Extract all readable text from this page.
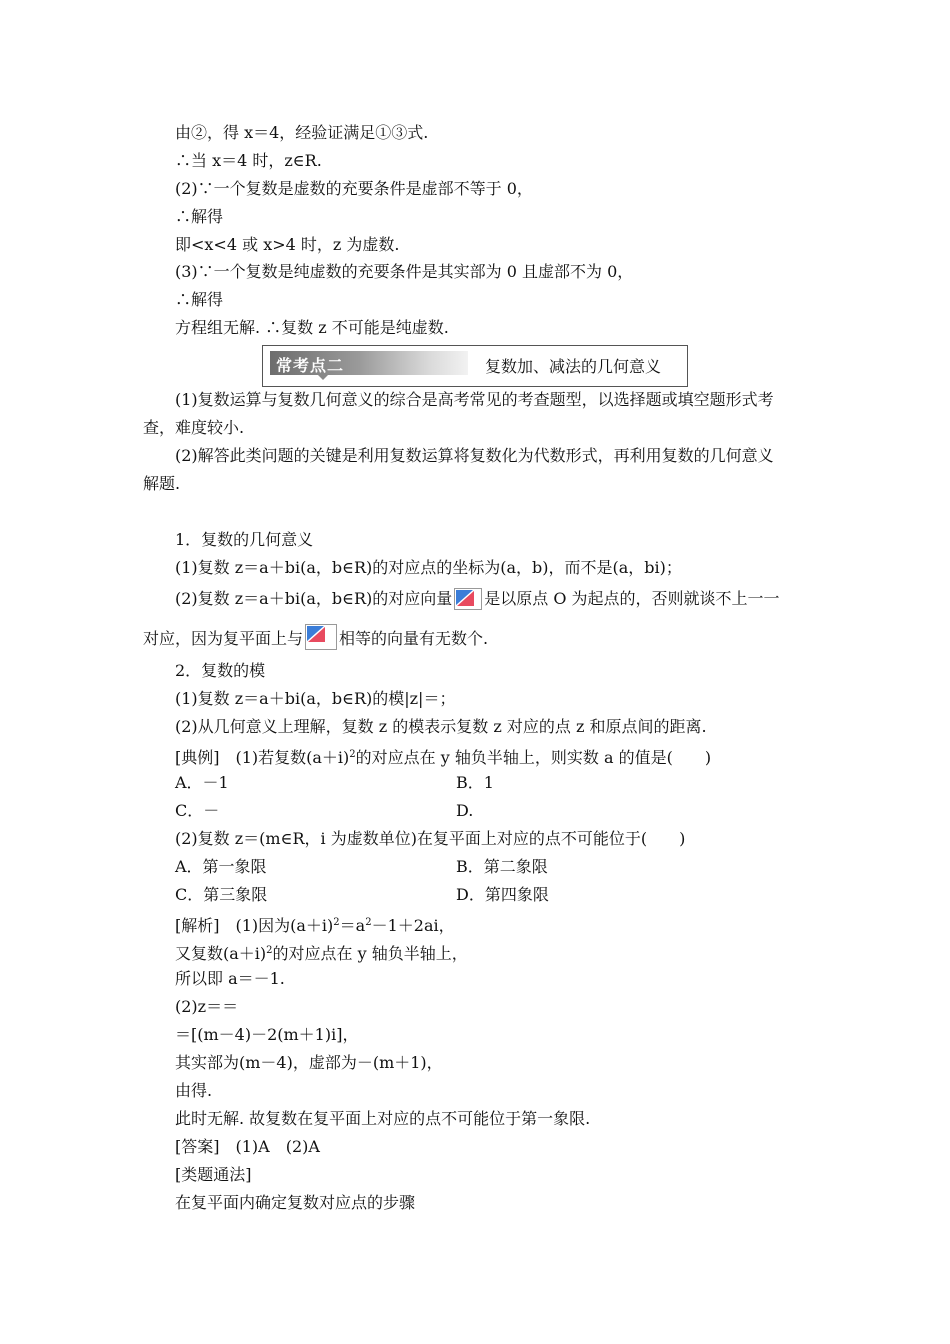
由②，得 x＝4，经验证满足①③式.
∴当 x＝4 时，z∈R.
(2)∵一个复数是虚数的充要条件是虚部不等于 0，
∴解得
即<x<4 或 x>4 时，z 为虚数.
(3)∵一个复数是纯虚数的充要条件是其实部为 0 且虚部不为 0，
∴解得
方程组无解. ∴复数 z 不可能是纯虚数.
常考点二	复数加、减法的几何意义
(1)复数运算与复数几何意义的综合是高考常见的考查题型，以选择题或填空题形式考
查，难度较小.
(2)解答此类问题的关键是利用复数运算将复数化为代数形式，再利用复数的几何意义
解题.
1．复数的几何意义
(1)复数 z＝a＋bi(a，b∈R)的对应点的坐标为(a，b)，而不是(a，bi)；
(2)复数 z＝a＋bi(a，b∈R)的对应向量 是以原点 O 为起点的，否则就谈不上一一
对应，因为复平面上与 相等的向量有无数个.
2．复数的模
(1)复数 z＝a＋bi(a，b∈R)的模|z|＝；
(2)从几何意义上理解，复数 z 的模表示复数 z 对应的点 z 和原点间的距离.
[典例]　(1)若复数$(a+i)^2$的对应点在 y 轴负半轴上，则实数 a 的值是(　　)
A．－1	B．1
C．－	D.
(2)复数 z＝(m∈R，i 为虚数单位)在复平面上对应的点不可能位于(　　)
A．第一象限	B．第二象限
C．第三象限	D．第四象限
[解析]　(1)因为$(a+i)^2=a^2-1+2ai$，
又复数$(a+i)^2$的对应点在 y 轴负半轴上，
所以即 a＝－1.
(2)z＝＝
＝[(m－4)－2(m＋1)i]，
其实部为(m－4)，虚部为－(m＋1)，
由得.
此时无解. 故复数在复平面上对应的点不可能位于第一象限.
[答案]　(1)A　(2)A
[类题通法]
在复平面内确定复数对应点的步骤
